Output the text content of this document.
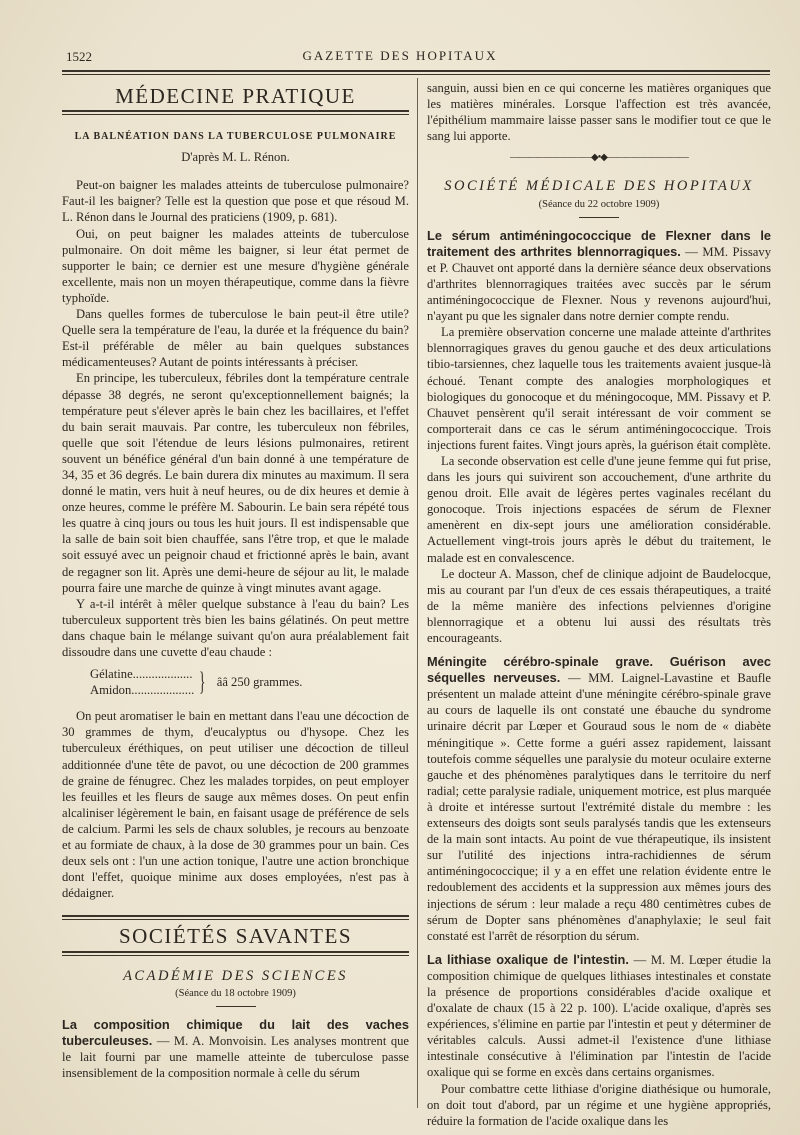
1522	GAZETTE DES HOPITAUX
MÉDECINE PRATIQUE
LA BALNÉATION DANS LA TUBERCULOSE PULMONAIRE
D'après M. L. Rénon.

Peut-on baigner les malades atteints de tuberculose pulmonaire? Faut-il les baigner? Telle est la question que pose et que résoud M. L. Rénon dans le Journal des praticiens (1909, p. 681).

Oui, on peut baigner les malades atteints de tuberculose pulmonaire. On doit même les baigner, si leur état permet de supporter le bain; ce dernier est une mesure d'hygiène générale excellente, mais non un moyen thérapeutique, comme dans la fièvre typhoïde.

Dans quelles formes de tuberculose le bain peut-il être utile? Quelle sera la température de l'eau, la durée et la fréquence du bain? Est-il préférable de mêler au bain quelques substances médicamenteuses? Autant de points intéressants à préciser.

En principe, les tuberculeux, fébriles dont la température centrale dépasse 38 degrés, ne seront qu'exceptionnellement baignés; la température peut s'élever après le bain chez les bacillaires, et l'effet du bain serait mauvais. Par contre, les tuberculeux non fébriles, quelle que soit l'étendue de leurs lésions pulmonaires, retirent souvent un bénéfice général d'un bain donné à une température de 34, 35 et 36 degrés. Le bain durera dix minutes au maximum. Il sera donné le matin, vers huit à neuf heures, ou de dix heures et demie à onze heures, comme le préfère M. Sabourin. Le bain sera répété tous les quatre à cinq jours ou tous les huit jours. Il est indispensable que la salle de bain soit bien chauffée, sans l'être trop, et que le malade soit essuyé avec un peignoir chaud et frictionné après le bain, avant de regagner son lit. Après une demi-heure de séjour au lit, le malade pourra faire une marche de quinze à vingt minutes avant agage.

Y a-t-il intérêt à mêler quelque substance à l'eau du bain? Les tuberculeux supportent très bien les bains gélatinés. On peut mettre dans chaque bain le mélange suivant qu'on aura préalablement fait dissoudre dans une cuvette d'eau chaude :

Gélatine...................
Amidon.................... } ââ 250 grammes.

On peut aromatiser le bain en mettant dans l'eau une décoction de 30 grammes de thym, d'eucalyptus ou d'hysope. Chez les tuberculeux éréthiques, on peut utiliser une décoction de tilleul additionnée d'une tête de pavot, ou une décoction de 200 grammes de graine de fénugrec. Chez les malades torpides, on peut employer les feuilles et les fleurs de sauge aux mêmes doses. On peut enfin alcaliniser légèrement le bain, en faisant usage de préférence de sels de calcium. Parmi les sels de chaux solubles, je recours au benzoate et au formiate de chaux, à la dose de 30 grammes pour un bain. Ces deux sels ont : l'un une action tonique, l'autre une action bronchique dont l'effet, quoique minime aux doses employées, n'est pas à dédaigner.

SOCIÉTÉS SAVANTES
ACADÉMIE DES SCIENCES
(Séance du 18 octobre 1909)

La composition chimique du lait des vaches tuberculeuses. — M. A. Monvoisin. Les analyses montrent que le lait fourni par une mamelle atteinte de tuberculose passe insensiblement de la composition normale à celle du sérum

sanguin, aussi bien en ce qui concerne les matières organiques que les matières minérales. Lorsque l'affection est très avancée, l'épithélium mammaire laisse passer sans le modifier tout ce que le sang lui apporte.

—————————◆•◆—————————
SOCIÉTÉ MÉDICALE DES HOPITAUX
(Séance du 22 octobre 1909)

Le sérum antiméningococcique de Flexner dans le traitement des arthrites blennorragiques. — MM. Pissavy et P. Chauvet ont apporté dans la dernière séance deux observations d'arthrites blennorragiques traitées avec succès par le sérum antiméningococcique de Flexner. Nous y revenons aujourd'hui, n'ayant pu que les signaler dans notre dernier compte rendu.

La première observation concerne une malade atteinte d'arthrites blennorragiques graves du genou gauche et des deux articulations tibio-tarsiennes, chez laquelle tous les traitements avaient jusque-là échoué. Tenant compte des analogies morphologiques et biologiques du gonocoque et du méningocoque, MM. Pissavy et P. Chauvet pensèrent qu'il serait intéressant de voir comment se comporterait dans ce cas le sérum antiméningococcique. Trois injections furent faites. Vingt jours après, la guérison était complète.

La seconde observation est celle d'une jeune femme qui fut prise, dans les jours qui suivirent son accouchement, d'une arthrite du genou droit. Elle avait de légères pertes vaginales recélant du gonocoque. Trois injections espacées de sérum de Flexner amenèrent en dix-sept jours une amélioration considérable. Actuellement vingt-trois jours après le début du traitement, le malade est en convalescence.

Le docteur A. Masson, chef de clinique adjoint de Baudelocque, mis au courant par l'un d'eux de ces essais thérapeutiques, a traité de la même manière des infections pelviennes d'origine blennorragique et a obtenu lui aussi des résultats très encourageants.

Méningite cérébro-spinale grave. Guérison avec séquelles nerveuses. — MM. Laignel-Lavastine et Baufle présentent un malade atteint d'une méningite cérébro-spinale grave au cours de laquelle ils ont constaté une ébauche du syndrome urinaire décrit par Lœper et Gouraud sous le nom de « diabète méningitique ». Cette forme a guéri assez rapidement, laissant toutefois comme séquelles une paralysie du moteur oculaire externe gauche et des phénomènes paralytiques dans le territoire du nerf radial; cette paralysie radiale, uniquement motrice, est plus marquée à droite et intéresse surtout l'extrémité distale du membre : les extenseurs des doigts sont seuls paralysés tandis que les extenseurs de la main sont intacts. Au point de vue thérapeutique, ils insistent sur l'utilité des injections intra-rachidiennes de sérum antiméningococcique; il y a en effet une relation évidente entre le redoublement des accidents et la suppression aux mêmes jours des injections de sérum : leur malade a reçu 480 centimètres cubes de sérum de Dopter sans phénomènes d'anaphylaxie; le seul fait constaté est l'arrêt de résorption du sérum.

La lithiase oxalique de l'intestin. — M. M. Lœper étudie la composition chimique de quelques lithiases intestinales et constate la présence de proportions considérables d'acide oxalique et d'oxalate de chaux (15 à 22 p. 100). L'acide oxalique, d'après ses expériences, s'élimine en partie par l'intestin et peut y déterminer de véritables calculs. Aussi admet-il l'existence d'une lithiase intestinale consécutive à l'élimination par l'intestin de l'acide oxalique qui se forme en excès dans certains organismes.

Pour combattre cette lithiase d'origine diathésique ou humorale, on doit tout d'abord, par un régime et une hygiène appropriés, réduire la formation de l'acide oxalique dans les
